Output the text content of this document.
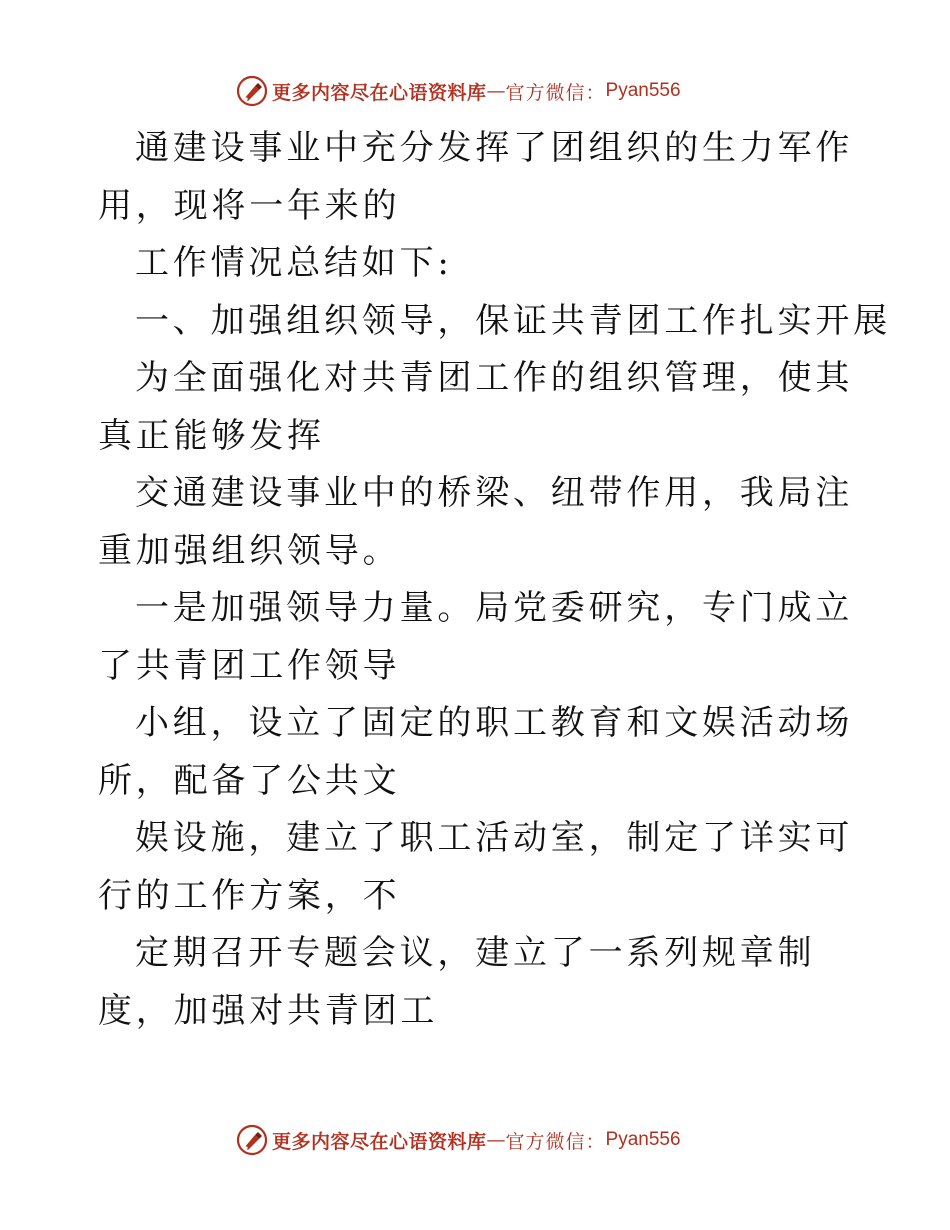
更多内容尽在心语资料库 — 官方微信： Pyan556

通建设事业中充分发挥了团组织的生力军作用，现将一年来的

工作情况总结如下:

一、加强组织领导，保证共青团工作扎实开展

为全面强化对共青团工作的组织管理，使其真正能够发挥

交通建设事业中的桥梁、纽带作用，我局注重加强组织领导。

一是加强领导力量。局党委研究，专门成立了共青团工作领导

小组，设立了固定的职工教育和文娱活动场所，配备了公共文

娱设施，建立了职工活动室，制定了详实可行的工作方案，不

定期召开专题会议，建立了一系列规章制度，加强对共青团工

更多内容尽在心语资料库 — 官方微信： Pyan556
